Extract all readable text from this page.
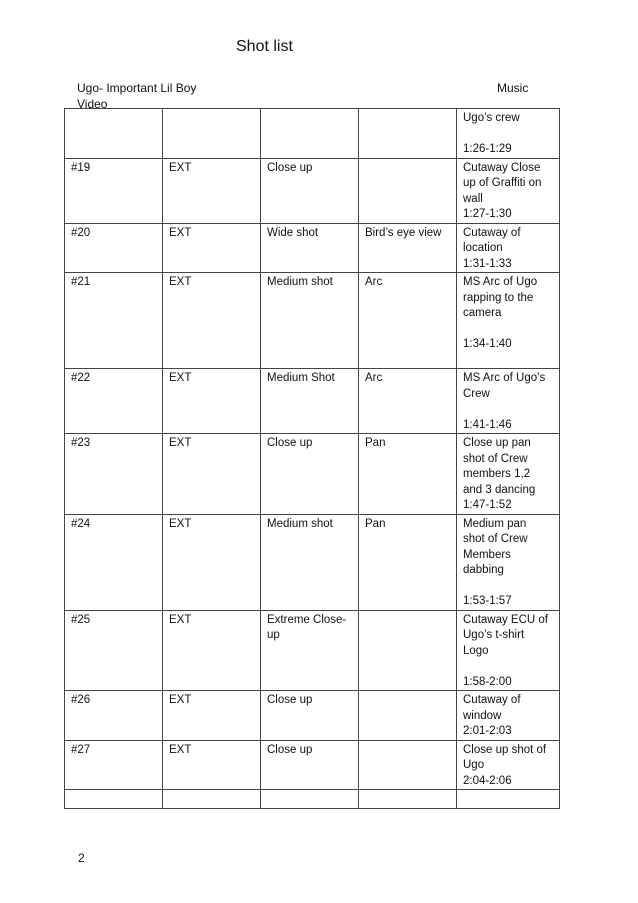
Shot list
Ugo- Important Lil Boy
Video
Music

				Ugo’s crew
1:26-1:29

#19	EXT	Close up		Cutaway Close
up of Graffiti on
wall
1:27-1:30

#20	EXT	Wide shot	Bird’s eye view	Cutaway of
location
1:31-1:33

#21	EXT	Medium shot	Arc	MS Arc of Ugo
rapping to the
camera
1:34-1:40

#22	EXT	Medium Shot	Arc	MS Arc of Ugo’s
Crew
1:41-1:46

#23	EXT	Close up	Pan	Close up pan
shot of Crew
members 1,2
and 3 dancing
1:47-1:52

#24	EXT	Medium shot	Pan	Medium pan
shot of Crew
Members
dabbing
1:53-1:57

#25	EXT	Extreme Close-
up		Cutaway ECU of
Ugo’s t-shirt
Logo
1:58-2:00

#26	EXT	Close up		Cutaway of
window
2:01-2:03

#27	EXT	Close up		Close up shot of
Ugo
2:04-2:06

2
